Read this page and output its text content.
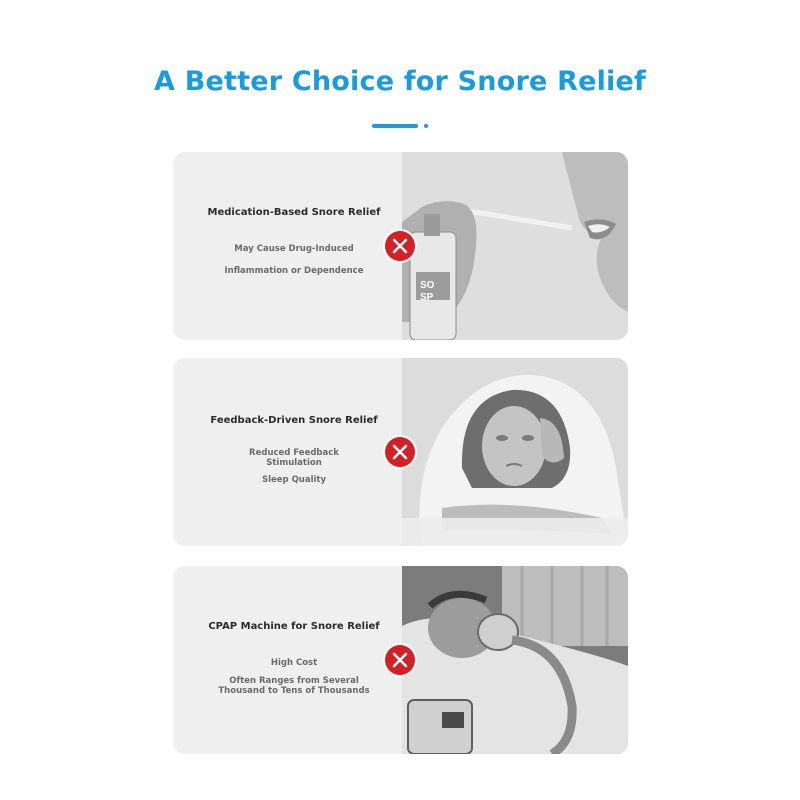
A Better Choice for Snore Relief
Medication-Based Snore Relief
May Cause Drug-Induced
Inflammation or Dependence
SO
SP
Feedback-Driven Snore Relief
Reduced Feedback
Stimulation
Sleep Quality
CPAP Machine for Snore Relief
High Cost
Often Ranges from Several
Thousand to Tens of Thousands
